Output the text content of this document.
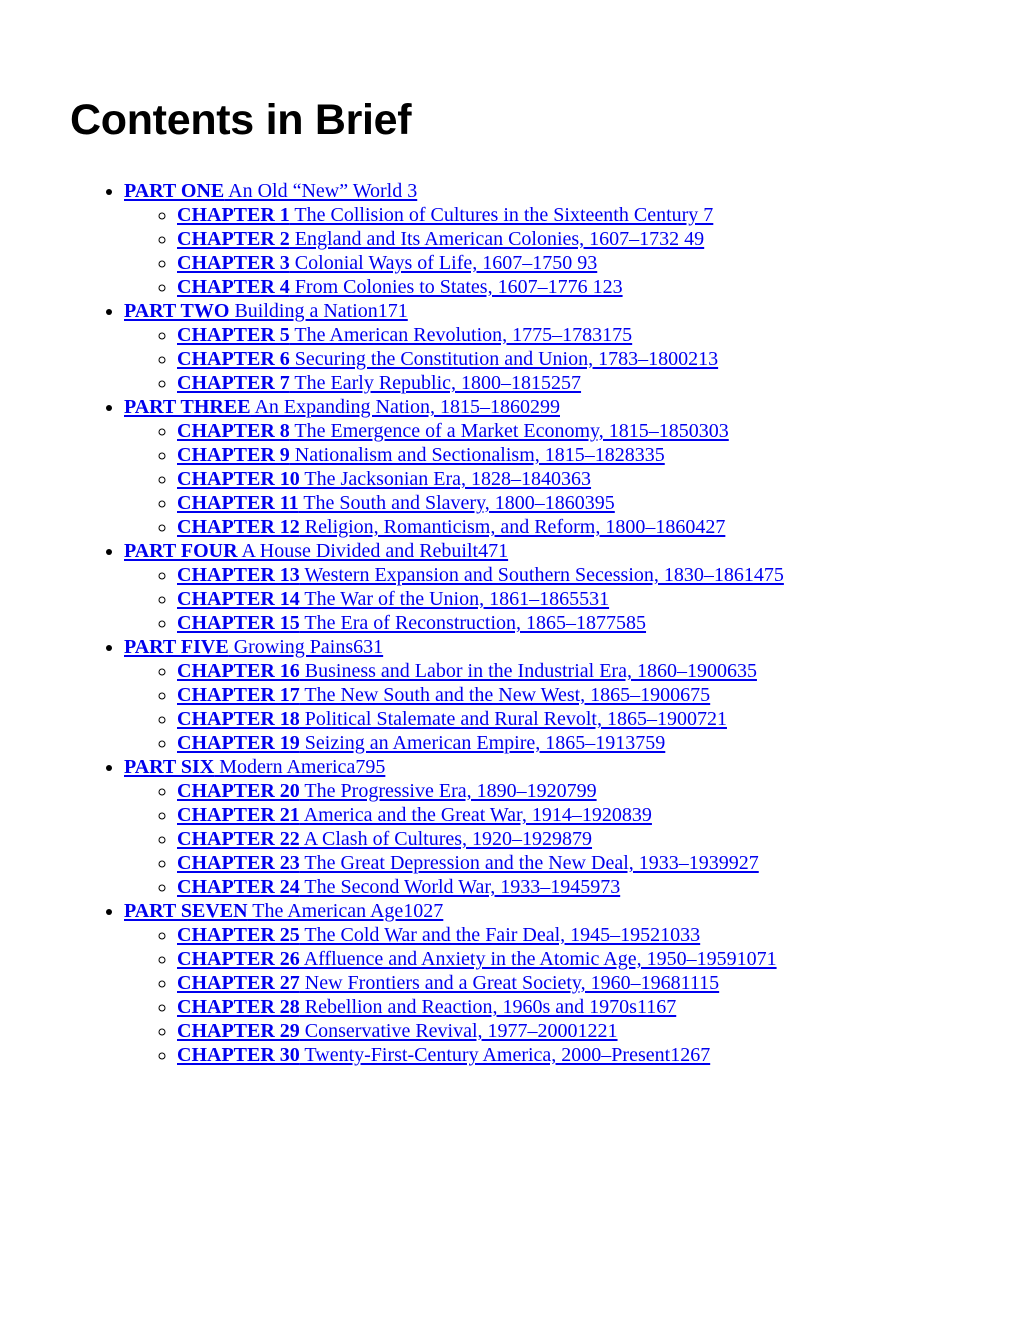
Contents in Brief
• PART ONE An Old “New” World 3
◦ CHAPTER 1 The Collision of Cultures in the Sixteenth Century 7
◦ CHAPTER 2 England and Its American Colonies, 1607–1732 49
◦ CHAPTER 3 Colonial Ways of Life, 1607–1750 93
◦ CHAPTER 4 From Colonies to States, 1607–1776 123
• PART TWO Building a Nation171
◦ CHAPTER 5 The American Revolution, 1775–1783175
◦ CHAPTER 6 Securing the Constitution and Union, 1783–1800213
◦ CHAPTER 7 The Early Republic, 1800–1815257
• PART THREE An Expanding Nation, 1815–1860299
◦ CHAPTER 8 The Emergence of a Market Economy, 1815–1850303
◦ CHAPTER 9 Nationalism and Sectionalism, 1815–1828335
◦ CHAPTER 10 The Jacksonian Era, 1828–1840363
◦ CHAPTER 11 The South and Slavery, 1800–1860395
◦ CHAPTER 12 Religion, Romanticism, and Reform, 1800–1860427
• PART FOUR A House Divided and Rebuilt471
◦ CHAPTER 13 Western Expansion and Southern Secession, 1830–1861475
◦ CHAPTER 14 The War of the Union, 1861–1865531
◦ CHAPTER 15 The Era of Reconstruction, 1865–1877585
• PART FIVE Growing Pains631
◦ CHAPTER 16 Business and Labor in the Industrial Era, 1860–1900635
◦ CHAPTER 17 The New South and the New West, 1865–1900675
◦ CHAPTER 18 Political Stalemate and Rural Revolt, 1865–1900721
◦ CHAPTER 19 Seizing an American Empire, 1865–1913759
• PART SIX Modern America795
◦ CHAPTER 20 The Progressive Era, 1890–1920799
◦ CHAPTER 21 America and the Great War, 1914–1920839
◦ CHAPTER 22 A Clash of Cultures, 1920–1929879
◦ CHAPTER 23 The Great Depression and the New Deal, 1933–1939927
◦ CHAPTER 24 The Second World War, 1933–1945973
• PART SEVEN The American Age1027
◦ CHAPTER 25 The Cold War and the Fair Deal, 1945–19521033
◦ CHAPTER 26 Affluence and Anxiety in the Atomic Age, 1950–19591071
◦ CHAPTER 27 New Frontiers and a Great Society, 1960–19681115
◦ CHAPTER 28 Rebellion and Reaction, 1960s and 1970s1167
◦ CHAPTER 29 Conservative Revival, 1977–20001221
◦ CHAPTER 30 Twenty-First-Century America, 2000–Present1267
